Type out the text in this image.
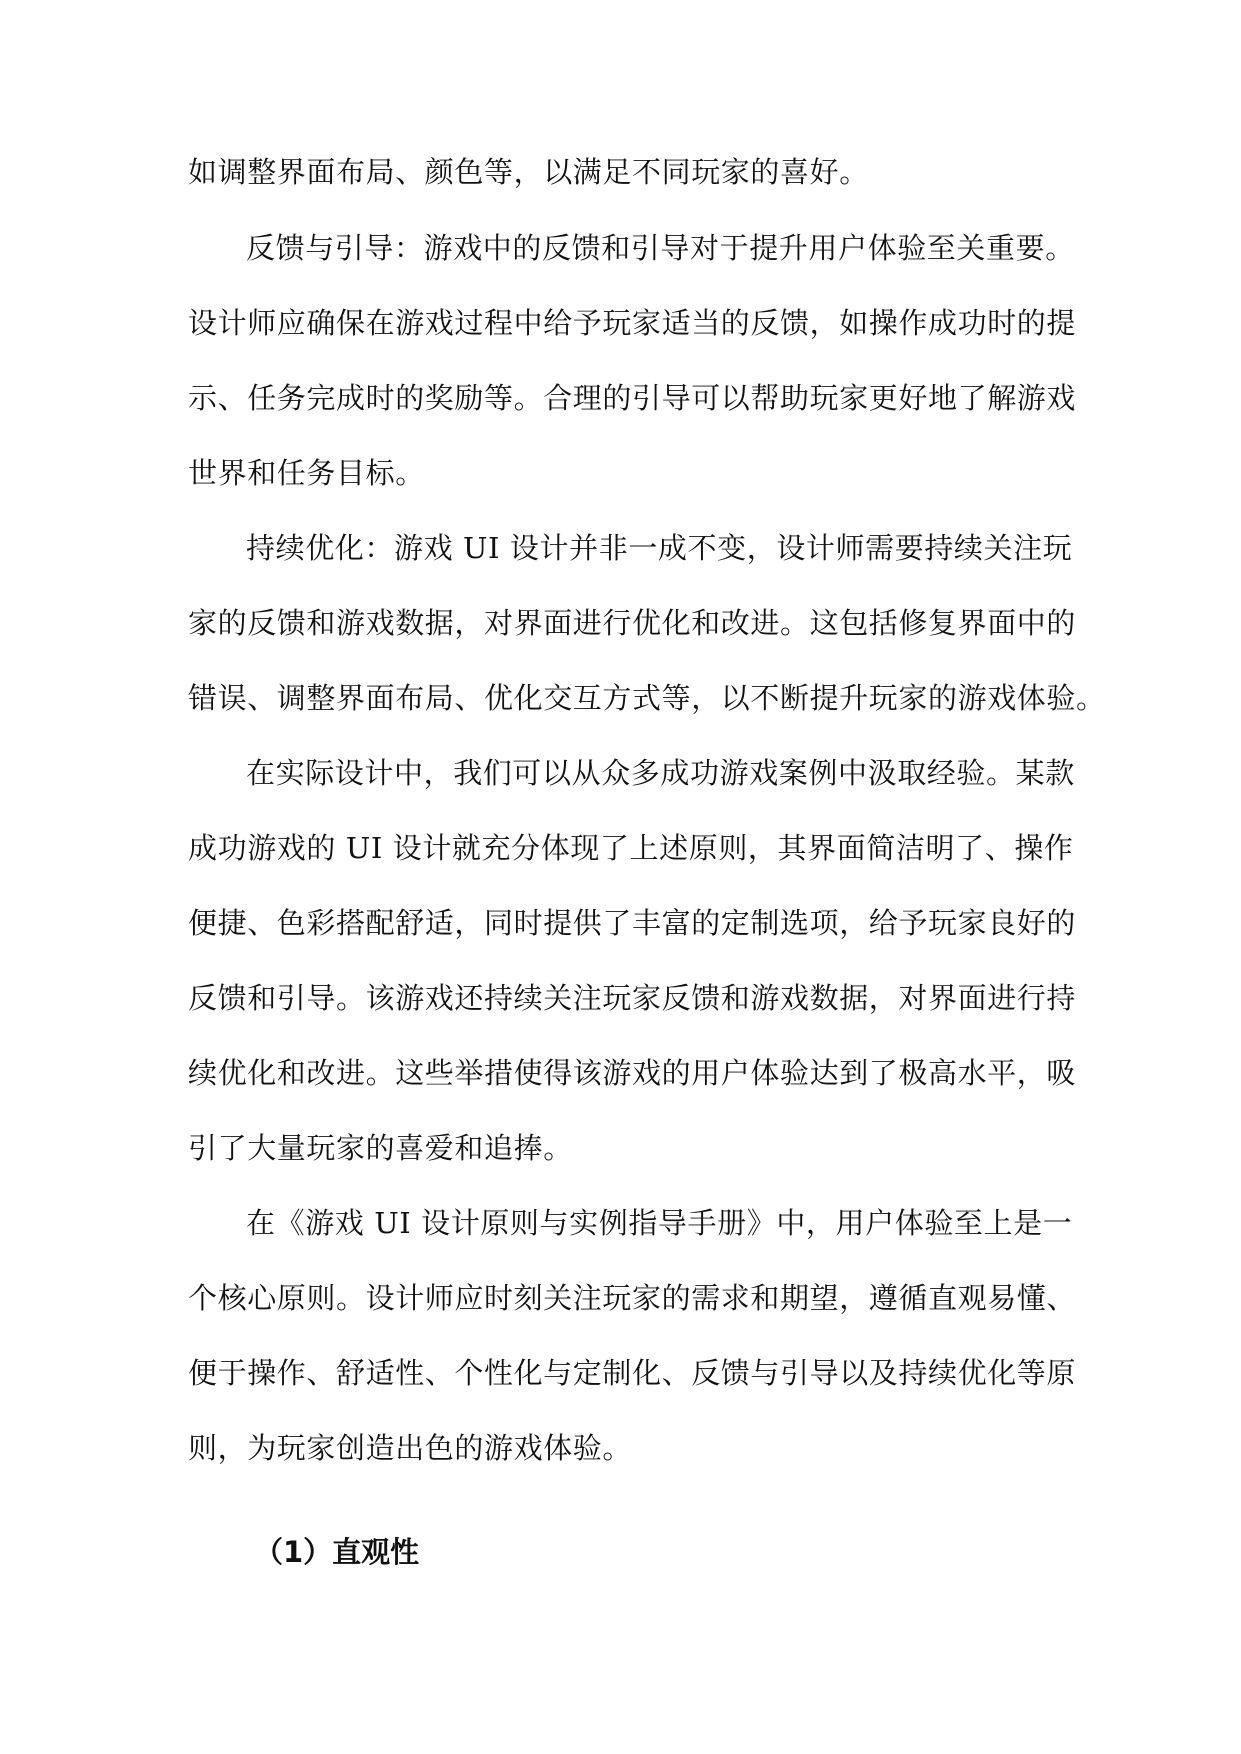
如调整界面布局、颜色等，以满足不同玩家的喜好。
反馈与引导：游戏中的反馈和引导对于提升用户体验至关重要。
设计师应确保在游戏过程中给予玩家适当的反馈，如操作成功时的提
示、任务完成时的奖励等。合理的引导可以帮助玩家更好地了解游戏
世界和任务目标。
持续优化：游戏 UI 设计并非一成不变，设计师需要持续关注玩
家的反馈和游戏数据，对界面进行优化和改进。这包括修复界面中的
错误、调整界面布局、优化交互方式等，以不断提升玩家的游戏体验。
在实际设计中，我们可以从众多成功游戏案例中汲取经验。某款
成功游戏的 UI 设计就充分体现了上述原则，其界面简洁明了、操作
便捷、色彩搭配舒适，同时提供了丰富的定制选项，给予玩家良好的
反馈和引导。该游戏还持续关注玩家反馈和游戏数据，对界面进行持
续优化和改进。这些举措使得该游戏的用户体验达到了极高水平，吸
引了大量玩家的喜爱和追捧。
在《游戏 UI 设计原则与实例指导手册》中，用户体验至上是一
个核心原则。设计师应时刻关注玩家的需求和期望，遵循直观易懂、
便于操作、舒适性、个性化与定制化、反馈与引导以及持续优化等原
则，为玩家创造出色的游戏体验。
（1）直观性
